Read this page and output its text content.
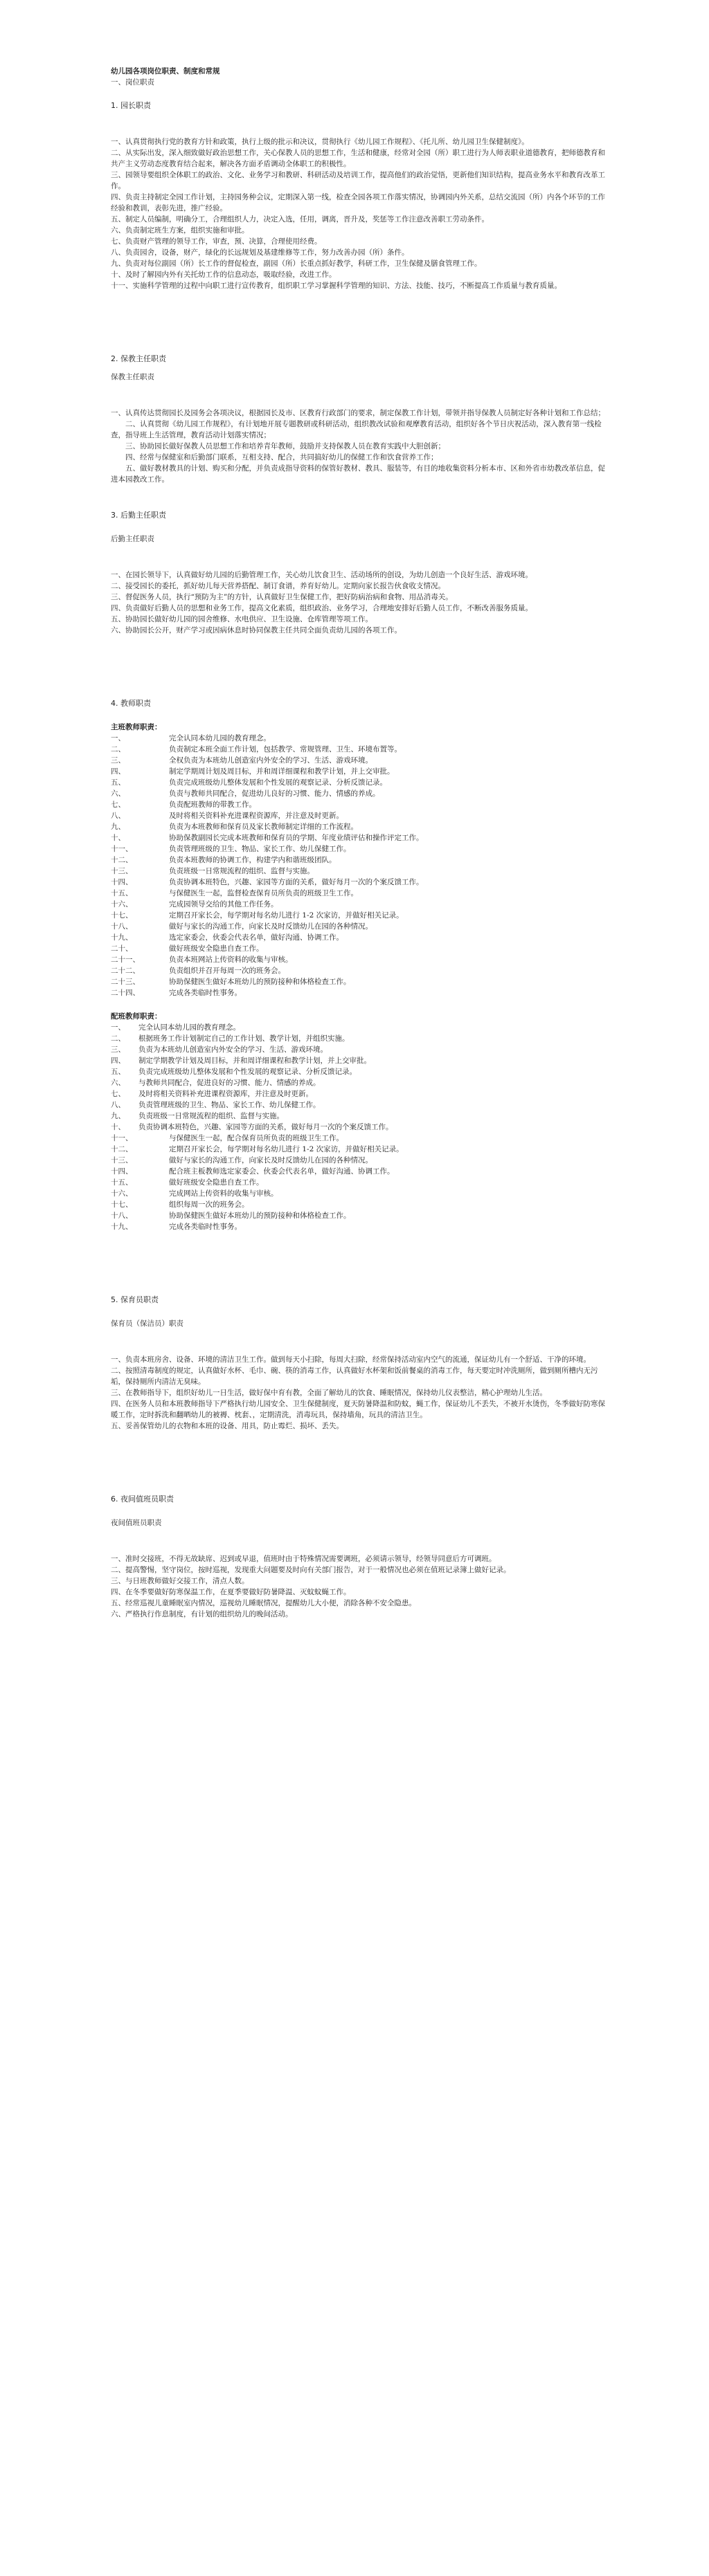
幼儿园各项岗位职责、制度和常规

一、岗位职责

1. 园长职责

一、认真贯彻执行党的教育方针和政策，执行上级的批示和决议，贯彻执行《幼儿园工作规程》、《托儿所、幼儿园卫生保健制度》。

二、从实际出发，深入细致做好政治思想工作，关心保教人员的思想工作，生活和健康，经常对全园（所）职工进行为人师表职业道德教育，把师德教育和共产主义劳动态度教育结合起来，解决各方面矛盾调动全体职工的积极性。

三、园领导要组织全体职工的政治、文化、业务学习和教研、科研活动及培训工作，提高他们的政治觉悟，更新他们知识结构，提高业务水平和教育改革工作。

四、负责主持制定全园工作计划，主持园务种会议，定期深入第一线，检查全园各项工作落实情况，协调园内外关系，总结交流园（所）内各个环节的工作经验和教训，表彰先进，推广经验。

五、制定人员编制，明确分工，合理组织人力，决定入选，任用，调离，晋升及，奖惩等工作注意改善职工劳动条件。

六、负责制定班生方案，组织实施和审批。

七、负责财产管理的领导工作，审查，预、决算，合理使用经费。

八、负责园舍，设备，财产，绿化的长远规划及基建维修等工作，努力改善办园（所）条件。

九、负责对每位副园（所）长工作的督促检查，副园（所）长重点抓好教学，科研工作，卫生保健及膳食管理工作。

十、及时了解园内外有关托幼工作的信息动态，吸取经验，改进工作。

十一、实施科学管理的过程中向职工进行宣传教育，组织职工学习掌握科学管理的知识、方法、技能、技巧，不断提高工作质量与教育质量。

2. 保教主任职责

保教主任职责

一、认真传达贯彻园长及园务会各项决议，根据园长及市、区教育行政部门的要求，制定保教工作计划，带领并指导保教人员制定好各种计划和工作总结；

二、认真贯彻《幼儿园工作规程》，有计划地开展专题教研或科研活动，组织教改试验和观摩教育活动，组织好各个节日庆祝活动，深入教育第一线检查，指导班上生活管理，教育活动计划落实情况；

三、协助园长做好保教人员思想工作和培养青年教师，鼓励并支持保教人员在教育实践中大胆创新；

四、经常与保健室和后勤部门联系，互相支持、配合，共同搞好幼儿的保健工作和饮食营养工作；

五、做好教材教具的计划、购买和分配，并负责成指导资料的保管好教材、教具、服装等，有目的地收集资料分析本市、区和外省市幼教改革信息，促进本园教改工作。

3. 后勤主任职责

后勤主任职责

一、在园长领导下，认真做好幼儿园的后勤管理工作，关心幼儿饮食卫生、活动场所的创设，为幼儿创造一个良好生活、游戏环境。

二、接受园长的委托，抓好幼儿每天营养搭配、制订食谱，养育好幼儿。定期向家长报告伙食收支情况。

三、督促医务人员，执行“预防为主”的方针，认真做好卫生保健工作，把好防病治病和食物、用品消毒关。

四、负责做好后勤人员的思想和业务工作，提高文化素质，组织政治、业务学习，合理地安排好后勤人员工作，不断改善服务质量。

五、协助园长做好幼儿园的园舍维修、水电供应、卫生设施、仓库管理等项工作。

六、协助园长公开，财产学习或因病休息时协同保教主任共同全面负责幼儿园的各项工作。

4. 教师职责

主班教师职责：

一、	完全认同本幼儿园的教育理念。

二、	负责制定本班全面工作计划，包括教学、常规管理、卫生、环境布置等。

三、	全权负责为本班幼儿创造室内外安全的学习、生活、游戏环境。

四、	制定学期周计划及周目标，并和周详细课程和教学计划，并上交审批。

五、	负责完成班级幼儿整体发展和个性发展的观察记录、分析反馈记录。

六、	负责与教师共同配合，促进幼儿良好的习惯、能力、情感的养成。

七、	负责配班教师的带教工作。

八、	及时将相关资料补充进课程资源库，并注意及时更新。

九、	负责为本班教师和保育员及家长教师制定详细的工作流程。

十、	协助保教副园长完成本班教师和保育员的学期、年度业绩评估和操作评定工作。

十一、	负责管理班级的卫生、物品、家长工作、幼儿保健工作。

十二、	负责本班教师的协调工作，构建学内和谐班级团队。

十三、	负责班级一日常规流程的组织、监督与实施。

十四、	负责协调本班特色，兴趣、家园等方面的关系，做好每月一次的个案反馈工作。

十五、	与保健医生一起，监督检查保育员所负责的班级卫生工作。

十六、	完成园领导交给的其他工作任务。

十七、	定期召开家长会，每学期对每名幼儿进行 1-2 次家访，并做好相关记录。

十八、	做好与家长的沟通工作，向家长及时反馈幼儿在园的各种情况。

十九、	选定家委会，伙委会代表名单，做好沟通、协调工作。

二十、	做好班级安全隐患自查工作。

二十一、	负责本班网站上传资料的收集与审核。

二十二、	负责组织并召开每周一次的班务会。

二十三、	协助保健医生做好本班幼儿的预防接种和体格检查工作。

二十四、	完成各类临时性事务。

配班教师职责：

一、 完全认同本幼儿园的教育理念。

二、 根据班务工作计划制定自己的工作计划、教学计划，并组织实施。

三、 负责为本班幼儿创造室内外安全的学习、生活、游戏环境。

四、 制定学期教学计划及周目标，并和周详细课程和教学计划，并上交审批。

五、 负责完成班级幼儿整体发展和个性发展的观察记录、分析反馈记录。

六、 与教师共同配合，促进良好的习惯、能力、情感的养成。

七、 及时将相关资料补充进课程资源库，并注意及时更新。

八、 负责管理班级的卫生、物品、家长工作、幼儿保健工作。

九、 负责班级一日常规流程的组织、监督与实施。

十、 负责协调本班特色，兴趣、家园等方面的关系，做好每月一次的个案反馈工作。

十一、	与保健医生一起，配合保育员所负责的班级卫生工作。

十二、	定期召开家长会，每学期对每名幼儿进行 1-2 次家访，并做好相关记录。

十三、	做好与家长的沟通工作，向家长及时反馈幼儿在园的各种情况。

十四、	配合班主板教师选定家委会、伙委会代表名单，做好沟通、协调工作。

十五、	做好班级安全隐患自查工作。

十六、	完成网站上传资料的收集与审核。

十七、	组织每周一次的班务会。

十八、	协助保健医生做好本班幼儿的预防接种和体格检查工作。

十九、	完成各类临时性事务。

5. 保育员职责

保育员（保洁员）职责

一、负责本班房舍、设备、环境的清洁卫生工作。做到每天小扫除，每周大扫除，经常保持活动室内空气的流通，保证幼儿有一个舒适、干净的环境。

二、按照清毒制度的规定，认真做好水杯、毛巾、碗、筷的消毒工作，认真做好水杯架和饭前餐桌的消毒工作，每天要定时冲洗厕所，做到厕所槽内无污垢，保持厕所内清洁无臭味。

三、在教师指导下，组织好幼儿一日生活，做好保中育有教，全面了解幼儿的饮食、睡眠情况，保持幼儿仪表整洁，精心护理幼儿生活。

四、在医务人员和本班教师指导下严格执行幼儿园安全、卫生保健制度，夏天防暑降温和防蚊，蝇工作，保证幼儿不丢失，不被开水烫伤，冬季做好防寒保暖工作，定时拆洗和翻晒幼儿的被褥、枕套、，定期清洗，消毒玩具，保持墙角，玩具的清洁卫生。

五、妥善保管幼儿的衣物和本班的设备、用具，防止霉烂、损坏、丢失。

6. 夜间值班员职责

夜间值班员职责

一、准时交接班，不得无故缺席、迟到或早退，值班时由于特殊情况需要调班，必须请示领导，经领导同意后方可调班。

二、提高警惕，坚守岗位，按时巡视，发现重大问题要及时向有关部门报告，对于一般情况也必须在值班记录簿上做好记录。

三、与日班教师做好交接工作，清点人数。

四、在冬季要做好防寒保温工作，在夏季要做好防暑降温、灭蚊蚊蝇工作。

五、经常巡视儿童睡眠室内情况，巡视幼儿睡眠情况，提醒幼儿大小便，消除各种不安全隐患。

六、严格执行作息制度，有计划的组织幼儿的晚间活动。
